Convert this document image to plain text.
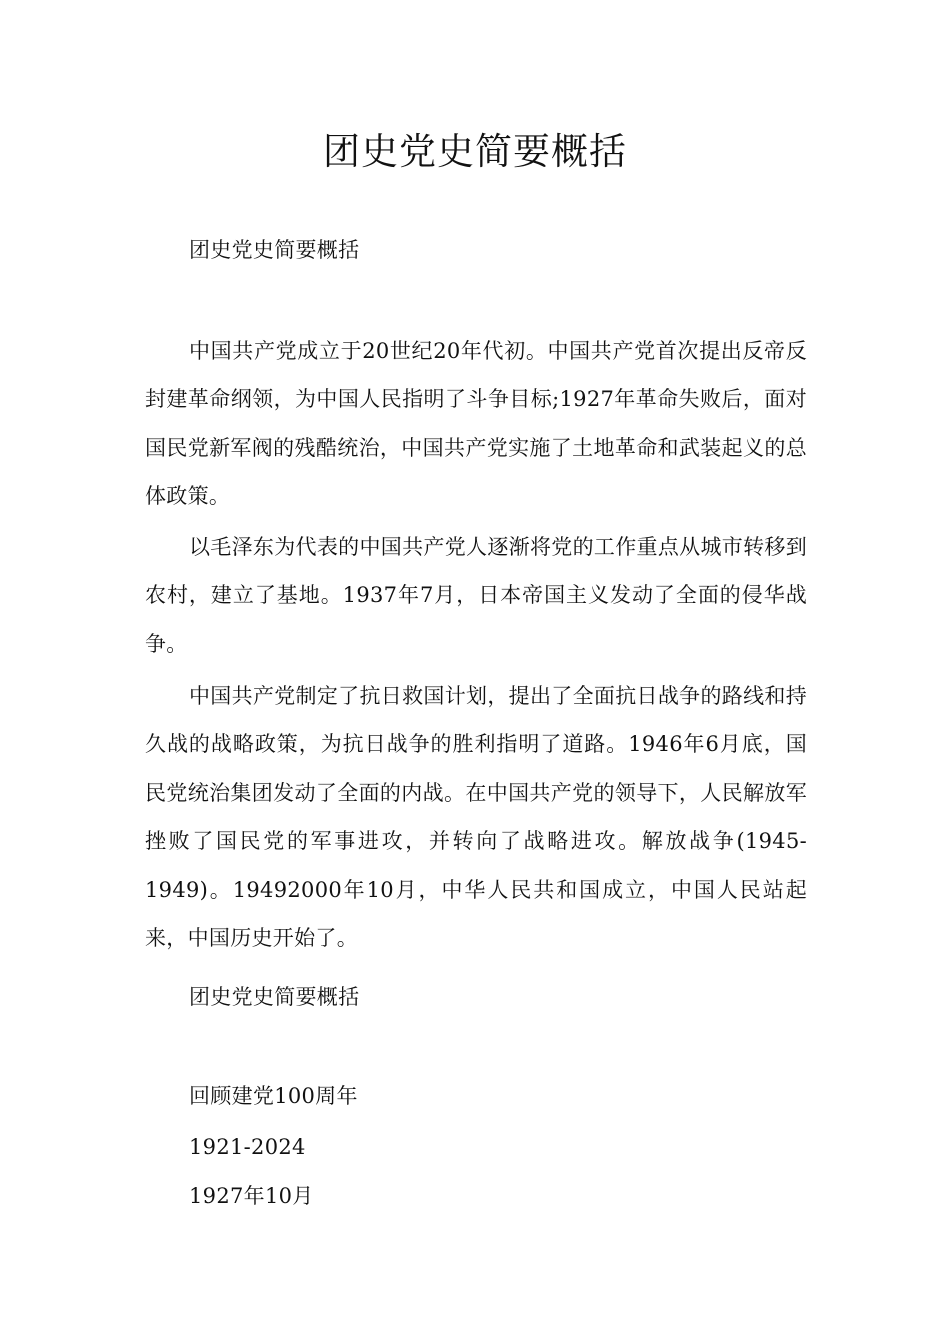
团史党史简要概括

团史党史简要概括

中国共产党成立于20世纪20年代初。中国共产党首次提出反帝反封建革命纲领，为中国人民指明了斗争目标;1927年革命失败后，面对国民党新军阀的残酷统治，中国共产党实施了土地革命和武装起义的总体政策。

以毛泽东为代表的中国共产党人逐渐将党的工作重点从城市转移到农村，建立了基地。1937年7月，日本帝国主义发动了全面的侵华战争。

中国共产党制定了抗日救国计划，提出了全面抗日战争的路线和持久战的战略政策，为抗日战争的胜利指明了道路。1946年6月底，国民党统治集团发动了全面的内战。在中国共产党的领导下，人民解放军挫败了国民党的军事进攻，并转向了战略进攻。解放战争(1945-1949)。19492000年10月，中华人民共和国成立，中国人民站起来，中国历史开始了。

团史党史简要概括

回顾建党100周年

1921-2024

1927年10月
